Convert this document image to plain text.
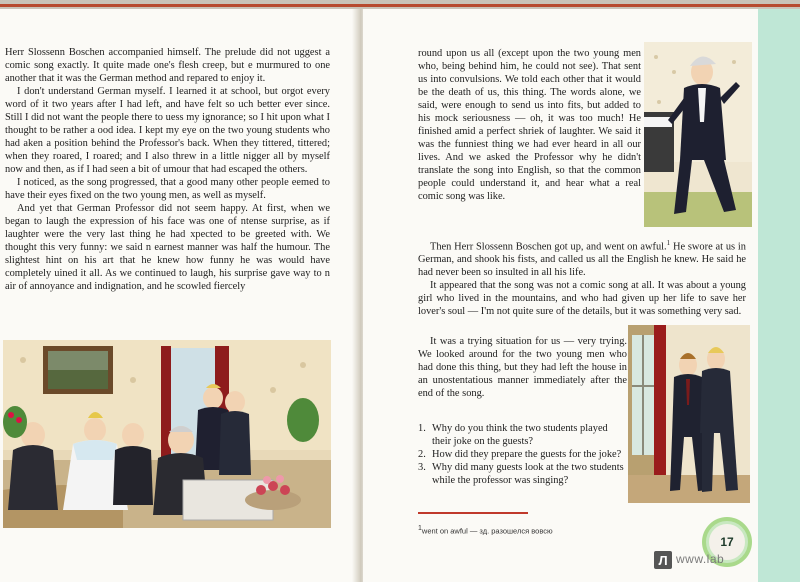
Herr Slossenn Boschen accompanied himself. The prelude did not uggest a comic song exactly. It quite made one's flesh creep, but e murmured to one another that it was the German method and repared to enjoy it.

I don't understand German myself. I learned it at school, but orgot every word of it two years after I had left, and have felt so uch better ever since. Still I did not want the people there to uess my ignorance; so I hit upon what I thought to be rather a ood idea. I kept my eye on the two young students who had aken a position behind the Professor's back. When they tittered, tittered; when they roared, I roared; and I also threw in a little nigger all by myself now and then, as if I had seen a bit of umour that had escaped the others.

I noticed, as the song progressed, that a good many other people eemed to have their eyes fixed on the two young men, as well as myself.

And yet that German Professor did not seem happy. At first, when we began to laugh the expression of his face was one of ntense surprise, as if laughter were the very last thing he had xpected to be greeted with. We thought this very funny: we said n earnest manner was half the humour. The slightest hint on his art that he knew how funny he was would have completely uined it all. As we continued to laugh, his surprise gave way to n air of annoyance and indignation, and he scowled fiercely

round upon us all (except upon the two young men who, being behind him, he could not see). That sent us into convulsions. We told each other that it would be the death of us, this thing. The words alone, we said, were enough to send us into fits, but added to his mock seriousness — oh, it was too much! He finished amid a perfect shriek of laughter. We said it was the funniest thing we had ever heard in all our lives. And we asked the Professor why he didn't translate the song into English, so that the common people could understand it, and hear what a real comic song was like.

Then Herr Slossenn Boschen got up, and went on awful.$^1$ He swore at us in German, and shook his fists, and called us all the English he knew. He said he had never been so insulted in all his life.

It appeared that the song was not a comic song at all. It was about a young girl who lived in the mountains, and who had given up her life to save her lover's soul — I'm not quite sure of the details, but it was something very sad.

It was a trying situation for us — very trying. We looked around for the two young men who had done this thing, but they had left the house in an unostentatious manner immediately after the end of the song.

1. Why do you think the two students played their joke on the guests?
2. How did they prepare the guests for the joke?
3. Why did many guests look at the two students while the professor was singing?
$^1$went on awful — зд. разошелся вовсю
17
Л www.lab
